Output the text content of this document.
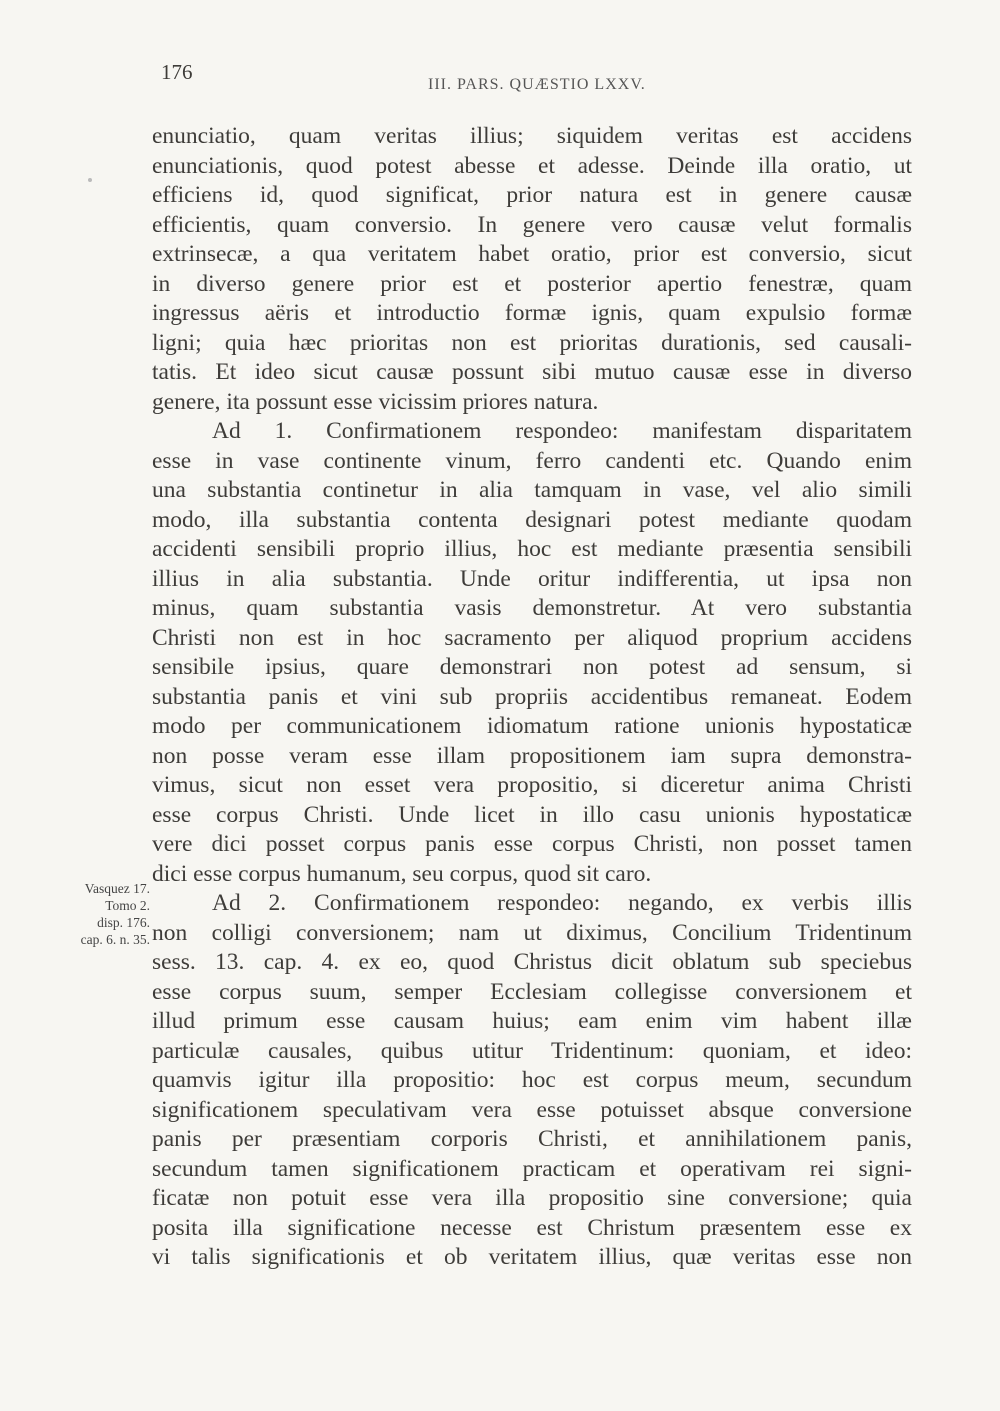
176
III. PARS. QUÆSTIO LXXV.
Vasquez 17.
Tomo 2.
disp. 176.
cap. 6. n. 35.
enunciatio, quam veritas illius; siquidem veritas est accidens
enunciationis, quod potest abesse et adesse. Deinde illa oratio, ut
efficiens id, quod significat, prior natura est in genere causæ
efficientis, quam conversio. In genere vero causæ velut formalis
extrinsecæ, a qua veritatem habet oratio, prior est conversio, sicut
in diverso genere prior est et posterior apertio fenestræ, quam
ingressus aëris et introductio formæ ignis, quam expulsio formæ
ligni; quia hæc prioritas non est prioritas durationis, sed causali-
tatis. Et ideo sicut causæ possunt sibi mutuo causæ esse in diverso
genere, ita possunt esse vicissim priores natura.
Ad 1. Confirmationem respondeo: manifestam disparitatem
esse in vase continente vinum, ferro candenti etc. Quando enim
una substantia continetur in alia tamquam in vase, vel alio simili
modo, illa substantia contenta designari potest mediante quodam
accidenti sensibili proprio illius, hoc est mediante præsentia sensibili
illius in alia substantia. Unde oritur indifferentia, ut ipsa non
minus, quam substantia vasis demonstretur. At vero substantia
Christi non est in hoc sacramento per aliquod proprium accidens
sensibile ipsius, quare demonstrari non potest ad sensum, si
substantia panis et vini sub propriis accidentibus remaneat. Eodem
modo per communicationem idiomatum ratione unionis hypostaticæ
non posse veram esse illam propositionem iam supra demonstra-
vimus, sicut non esset vera propositio, si diceretur anima Christi
esse corpus Christi. Unde licet in illo casu unionis hypostaticæ
vere dici posset corpus panis esse corpus Christi, non posset tamen
dici esse corpus humanum, seu corpus, quod sit caro.
Ad 2. Confirmationem respondeo: negando, ex verbis illis
non colligi conversionem; nam ut diximus, Concilium Tridentinum
sess. 13. cap. 4. ex eo, quod Christus dicit oblatum sub speciebus
esse corpus suum, semper Ecclesiam collegisse conversionem et
illud primum esse causam huius; eam enim vim habent illæ
particulæ causales, quibus utitur Tridentinum: quoniam, et ideo:
quamvis igitur illa propositio: hoc est corpus meum, secundum
significationem speculativam vera esse potuisset absque conversione
panis per præsentiam corporis Christi, et annihilationem panis,
secundum tamen significationem practicam et operativam rei signi-
ficatæ non potuit esse vera illa propositio sine conversione; quia
posita illa significatione necesse est Christum præsentem esse ex
vi talis significationis et ob veritatem illius, quæ veritas esse non
